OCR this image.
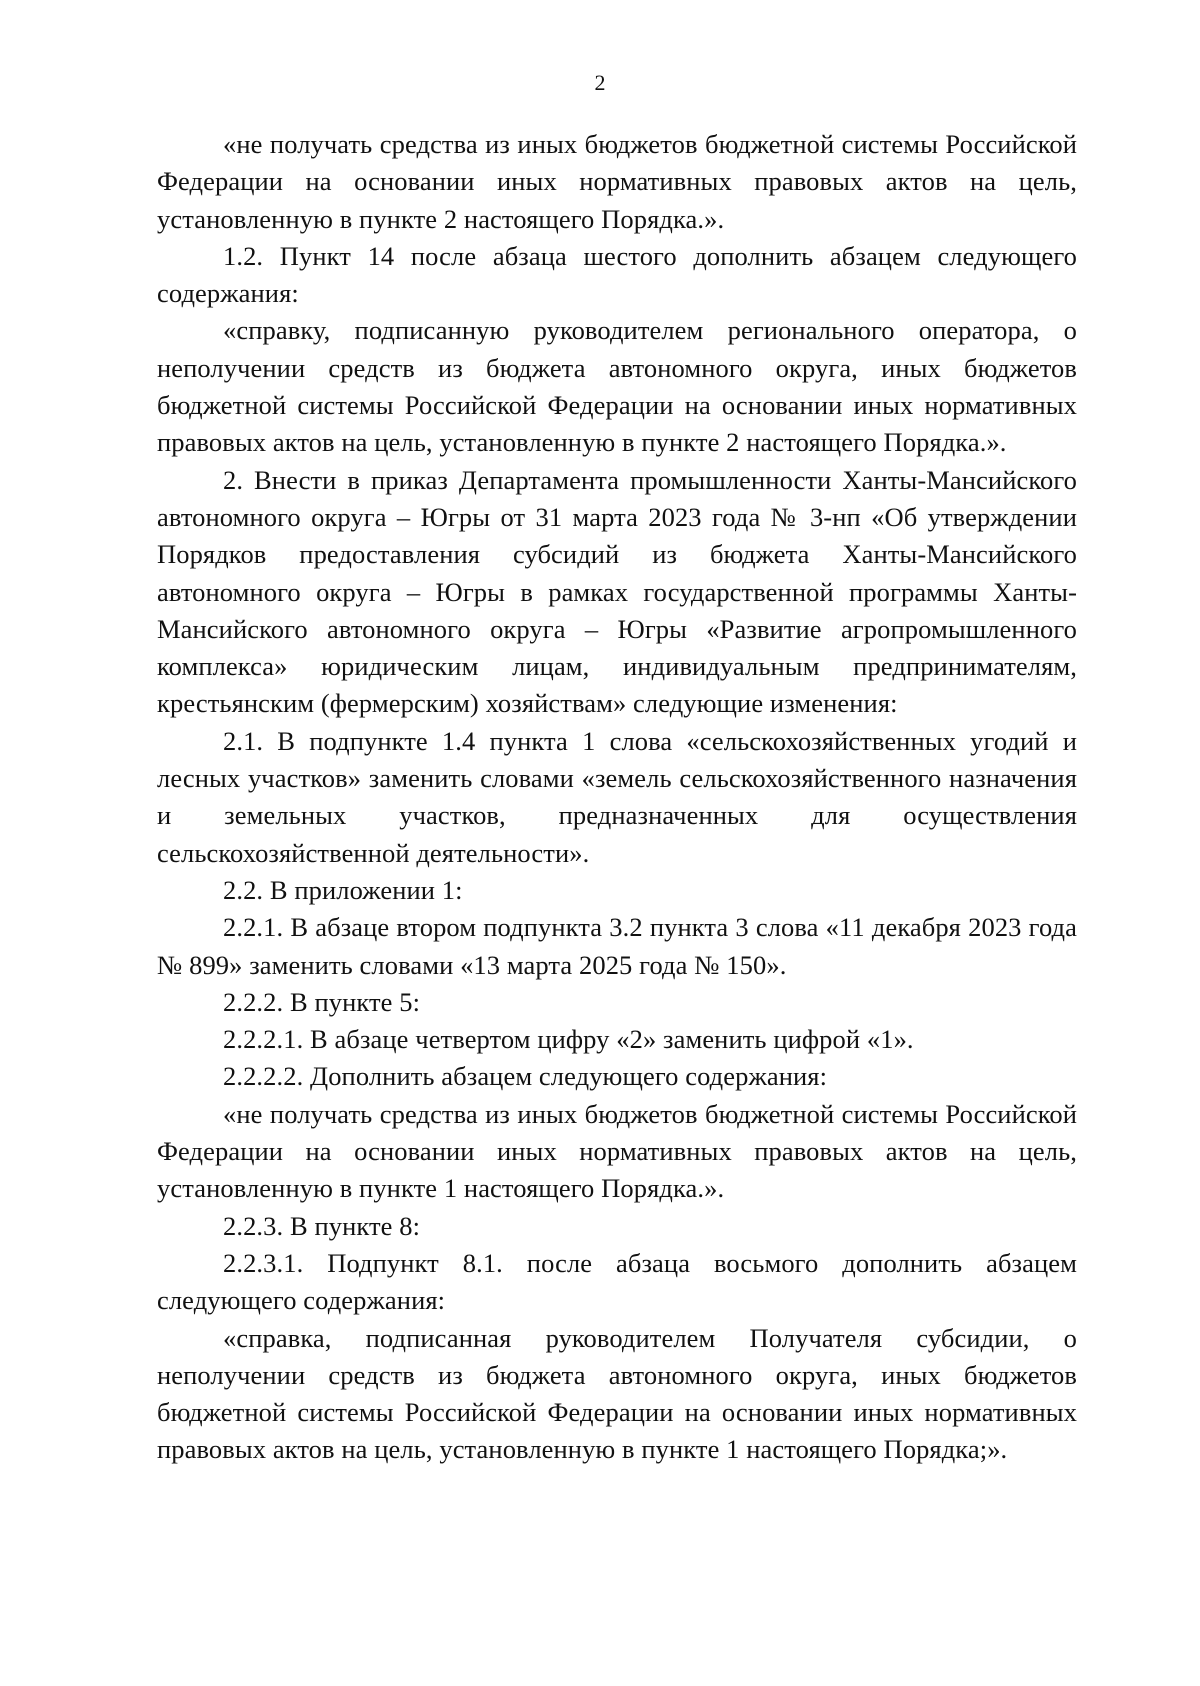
2

«не получать средства из иных бюджетов бюджетной системы Российской Федерации на основании иных нормативных правовых актов на цель, установленную в пункте 2 настоящего Порядка.».

1.2. Пункт 14 после абзаца шестого дополнить абзацем следующего содержания:

«справку, подписанную руководителем регионального оператора, о неполучении средств из бюджета автономного округа, иных бюджетов бюджетной системы Российской Федерации на основании иных нормативных правовых актов на цель, установленную в пункте 2 настоящего Порядка.».

2. Внести в приказ Департамента промышленности Ханты-Мансийского автономного округа – Югры от 31 марта 2023 года № 3-нп «Об утверждении Порядков предоставления субсидий из бюджета Ханты-Мансийского автономного округа – Югры в рамках государственной программы Ханты-Мансийского автономного округа – Югры «Развитие агропромышленного комплекса» юридическим лицам, индивидуальным предпринимателям, крестьянским (фермерским) хозяйствам» следующие изменения:

2.1. В подпункте 1.4 пункта 1 слова «сельскохозяйственных угодий и лесных участков» заменить словами «земель сельскохозяйственного назначения и земельных участков, предназначенных для осуществления сельскохозяйственной деятельности».

2.2. В приложении 1:

2.2.1. В абзаце втором подпункта 3.2 пункта 3 слова «11 декабря 2023 года № 899» заменить словами «13 марта 2025 года № 150».

2.2.2. В пункте 5:

2.2.2.1. В абзаце четвертом цифру «2» заменить цифрой «1».

2.2.2.2. Дополнить абзацем следующего содержания:

«не получать средства из иных бюджетов бюджетной системы Российской Федерации на основании иных нормативных правовых актов на цель, установленную в пункте 1 настоящего Порядка.».

2.2.3. В пункте 8:

2.2.3.1. Подпункт 8.1. после абзаца восьмого дополнить абзацем следующего содержания:

«справка, подписанная руководителем Получателя субсидии, о неполучении средств из бюджета автономного округа, иных бюджетов бюджетной системы Российской Федерации на основании иных нормативных правовых актов на цель, установленную в пункте 1 настоящего Порядка;».
